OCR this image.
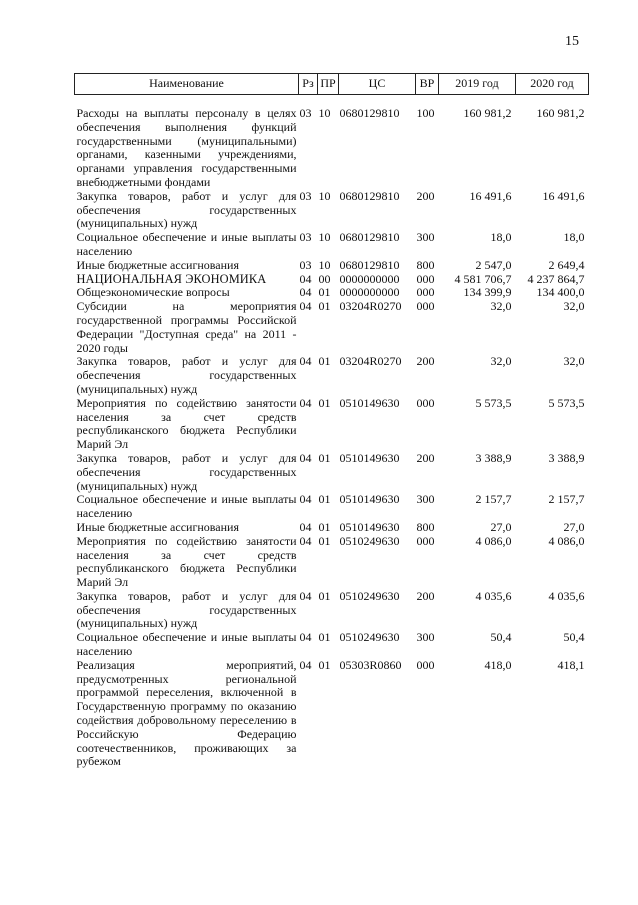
15
Наименование	Рз	ПР	ЦС	ВР	2019 год	2020 год
Расходы на выплаты персоналу в целях обеспечения выполнения функций государственными (муниципальными) органами, казенными учреждениями, органами управления государственными внебюджетными фондами	03	10	0680129810	100	160 981,2	160 981,2
Закупка товаров, работ и услуг для обеспечения государственных (муниципальных) нужд	03	10	0680129810	200	16 491,6	16 491,6
Социальное обеспечение и иные выплаты населению	03	10	0680129810	300	18,0	18,0
Иные бюджетные ассигнования	03	10	0680129810	800	2 547,0	2 649,4
НАЦИОНАЛЬНАЯ ЭКОНОМИКА	04	00	0000000000	000	4 581 706,7	4 237 864,7
Общеэкономические вопросы	04	01	0000000000	000	134 399,9	134 400,0
Субсидии на мероприятия государственной программы Российской Федерации "Доступная среда" на 2011 - 2020 годы	04	01	03204R0270	000	32,0	32,0
Закупка товаров, работ и услуг для обеспечения государственных (муниципальных) нужд	04	01	03204R0270	200	32,0	32,0
Мероприятия по содействию занятости населения за счет средств республиканского бюджета Республики Марий Эл	04	01	0510149630	000	5 573,5	5 573,5
Закупка товаров, работ и услуг для обеспечения государственных (муниципальных) нужд	04	01	0510149630	200	3 388,9	3 388,9
Социальное обеспечение и иные выплаты населению	04	01	0510149630	300	2 157,7	2 157,7
Иные бюджетные ассигнования	04	01	0510149630	800	27,0	27,0
Мероприятия по содействию занятости населения за счет средств республиканского бюджета Республики Марий Эл	04	01	0510249630	000	4 086,0	4 086,0
Закупка товаров, работ и услуг для обеспечения государственных (муниципальных) нужд	04	01	0510249630	200	4 035,6	4 035,6
Социальное обеспечение и иные выплаты населению	04	01	0510249630	300	50,4	50,4
Реализация мероприятий, предусмотренных региональной программой переселения, включенной в Государственную программу по оказанию содействия добровольному переселению в Российскую Федерацию соотечественников, проживающих за рубежом	04	01	05303R0860	000	418,0	418,1
